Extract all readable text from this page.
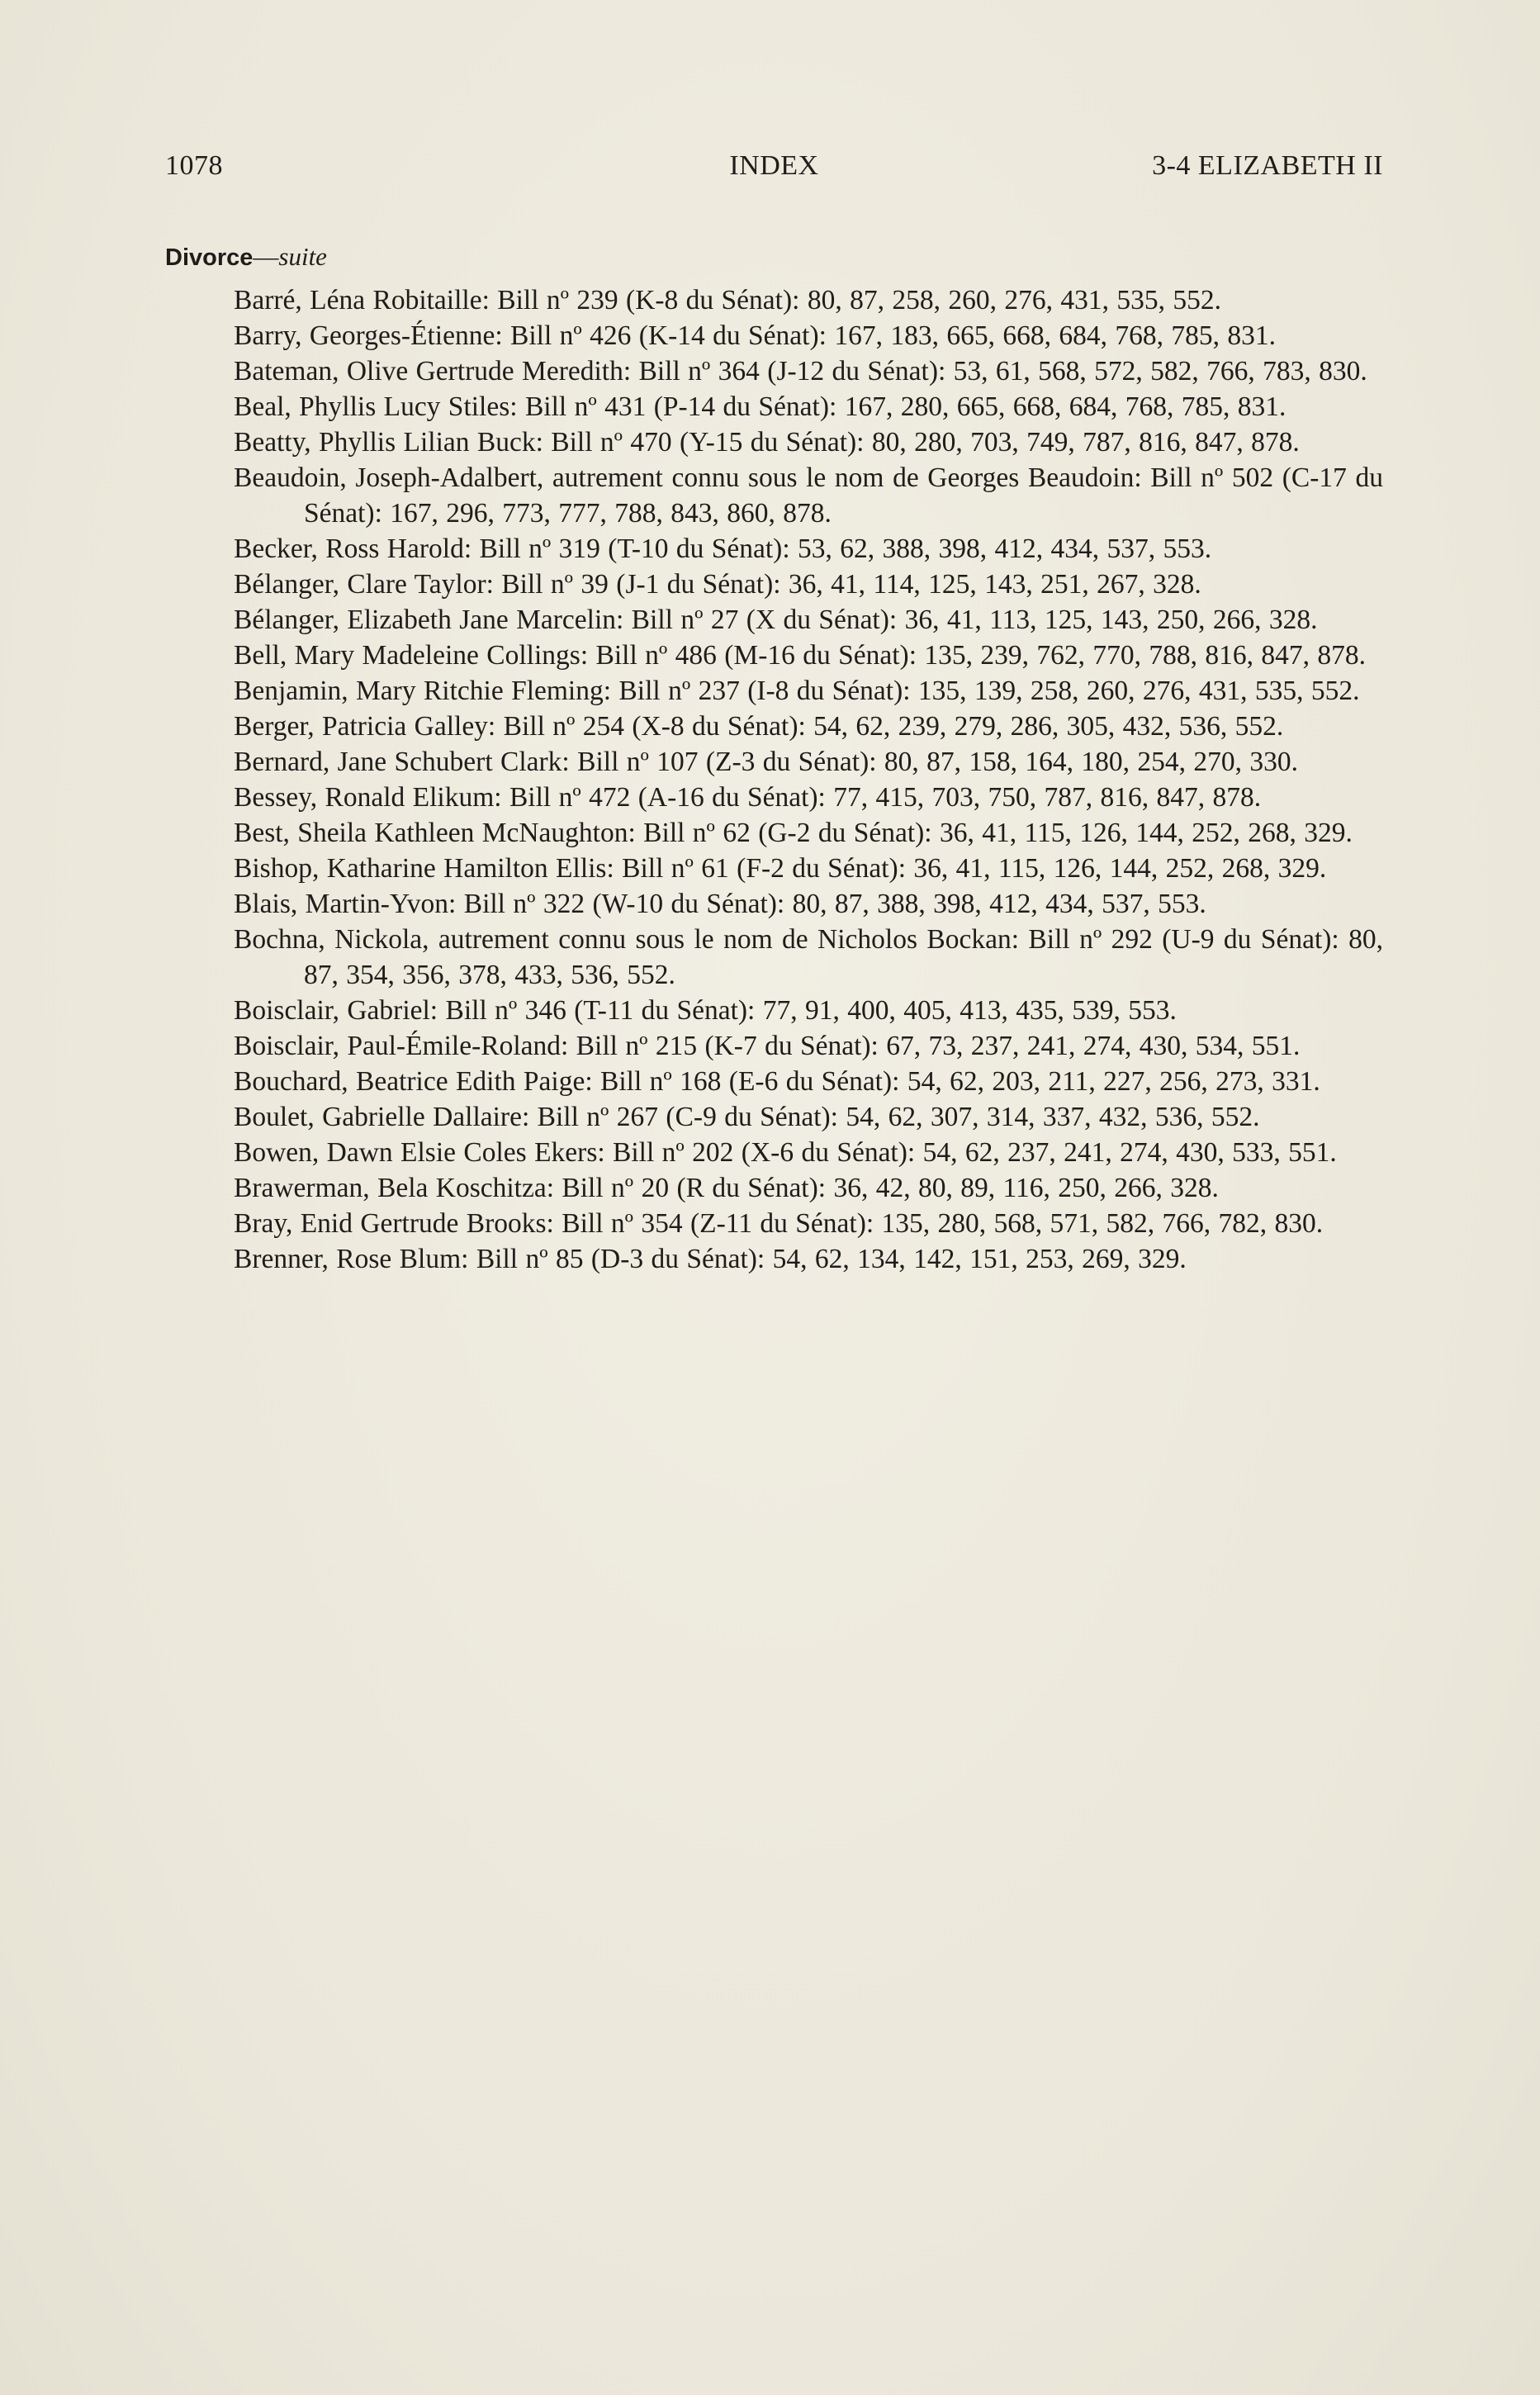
1078	INDEX	3-4 ELIZABETH II
Divorce—suite
Barré, Léna Robitaille: Bill nº 239 (K-8 du Sénat): 80, 87, 258, 260, 276, 431, 535, 552.
Barry, Georges-Étienne: Bill nº 426 (K-14 du Sénat): 167, 183, 665, 668, 684, 768, 785, 831.
Bateman, Olive Gertrude Meredith: Bill nº 364 (J-12 du Sénat): 53, 61, 568, 572, 582, 766, 783, 830.
Beal, Phyllis Lucy Stiles: Bill nº 431 (P-14 du Sénat): 167, 280, 665, 668, 684, 768, 785, 831.
Beatty, Phyllis Lilian Buck: Bill nº 470 (Y-15 du Sénat): 80, 280, 703, 749, 787, 816, 847, 878.
Beaudoin, Joseph-Adalbert, autrement connu sous le nom de Georges Beaudoin: Bill nº 502 (C-17 du Sénat): 167, 296, 773, 777, 788, 843, 860, 878.
Becker, Ross Harold: Bill nº 319 (T-10 du Sénat): 53, 62, 388, 398, 412, 434, 537, 553.
Bélanger, Clare Taylor: Bill nº 39 (J-1 du Sénat): 36, 41, 114, 125, 143, 251, 267, 328.
Bélanger, Elizabeth Jane Marcelin: Bill nº 27 (X du Sénat): 36, 41, 113, 125, 143, 250, 266, 328.
Bell, Mary Madeleine Collings: Bill nº 486 (M-16 du Sénat): 135, 239, 762, 770, 788, 816, 847, 878.
Benjamin, Mary Ritchie Fleming: Bill nº 237 (I-8 du Sénat): 135, 139, 258, 260, 276, 431, 535, 552.
Berger, Patricia Galley: Bill nº 254 (X-8 du Sénat): 54, 62, 239, 279, 286, 305, 432, 536, 552.
Bernard, Jane Schubert Clark: Bill nº 107 (Z-3 du Sénat): 80, 87, 158, 164, 180, 254, 270, 330.
Bessey, Ronald Elikum: Bill nº 472 (A-16 du Sénat): 77, 415, 703, 750, 787, 816, 847, 878.
Best, Sheila Kathleen McNaughton: Bill nº 62 (G-2 du Sénat): 36, 41, 115, 126, 144, 252, 268, 329.
Bishop, Katharine Hamilton Ellis: Bill nº 61 (F-2 du Sénat): 36, 41, 115, 126, 144, 252, 268, 329.
Blais, Martin-Yvon: Bill nº 322 (W-10 du Sénat): 80, 87, 388, 398, 412, 434, 537, 553.
Bochna, Nickola, autrement connu sous le nom de Nicholos Bockan: Bill nº 292 (U-9 du Sénat): 80, 87, 354, 356, 378, 433, 536, 552.
Boisclair, Gabriel: Bill nº 346 (T-11 du Sénat): 77, 91, 400, 405, 413, 435, 539, 553.
Boisclair, Paul-Émile-Roland: Bill nº 215 (K-7 du Sénat): 67, 73, 237, 241, 274, 430, 534, 551.
Bouchard, Beatrice Edith Paige: Bill nº 168 (E-6 du Sénat): 54, 62, 203, 211, 227, 256, 273, 331.
Boulet, Gabrielle Dallaire: Bill nº 267 (C-9 du Sénat): 54, 62, 307, 314, 337, 432, 536, 552.
Bowen, Dawn Elsie Coles Ekers: Bill nº 202 (X-6 du Sénat): 54, 62, 237, 241, 274, 430, 533, 551.
Brawerman, Bela Koschitza: Bill nº 20 (R du Sénat): 36, 42, 80, 89, 116, 250, 266, 328.
Bray, Enid Gertrude Brooks: Bill nº 354 (Z-11 du Sénat): 135, 280, 568, 571, 582, 766, 782, 830.
Brenner, Rose Blum: Bill nº 85 (D-3 du Sénat): 54, 62, 134, 142, 151, 253, 269, 329.
